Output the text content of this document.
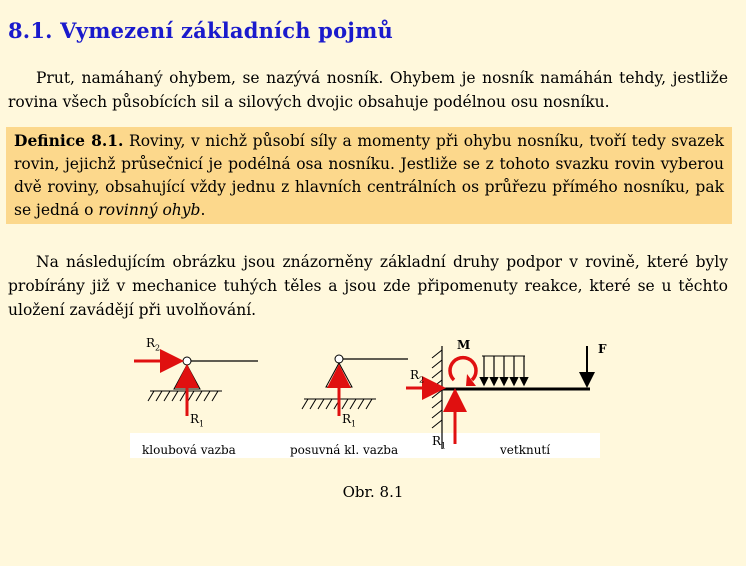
8.1. Vymezení základních pojmů
Prut, namáhaný ohybem, se nazývá nosník. Ohybem je nosník namáhán tehdy, jestliže rovina všech působících sil a silových dvojic obsahuje podélnou osu nosníku.
Definice 8.1. Roviny, v nichž působí síly a momenty při ohybu nosníku, tvoří tedy svazek rovin, jejichž průsečnicí je podélná osa nosníku. Jestliže se z tohoto svazku rovin vyberou dvě roviny, obsahující vždy jednu z hlavních centrálních os průřezu přímého nosníku, pak se jedná o rovinný ohyb.
Na následujícím obrázku jsou znázorněny základní druhy podpor v rovině, které byly probírány již v mechanice tuhých těles a jsou zde připomenuty reakce, které se u těchto uložení zavádějí při uvolňování.
$R_2$
$R_1$	$R_1$
M
$R_2$
$R_1$
F
kloubová vazba	posuvná kl. vazba	vetknutí
Obr. 8.1
